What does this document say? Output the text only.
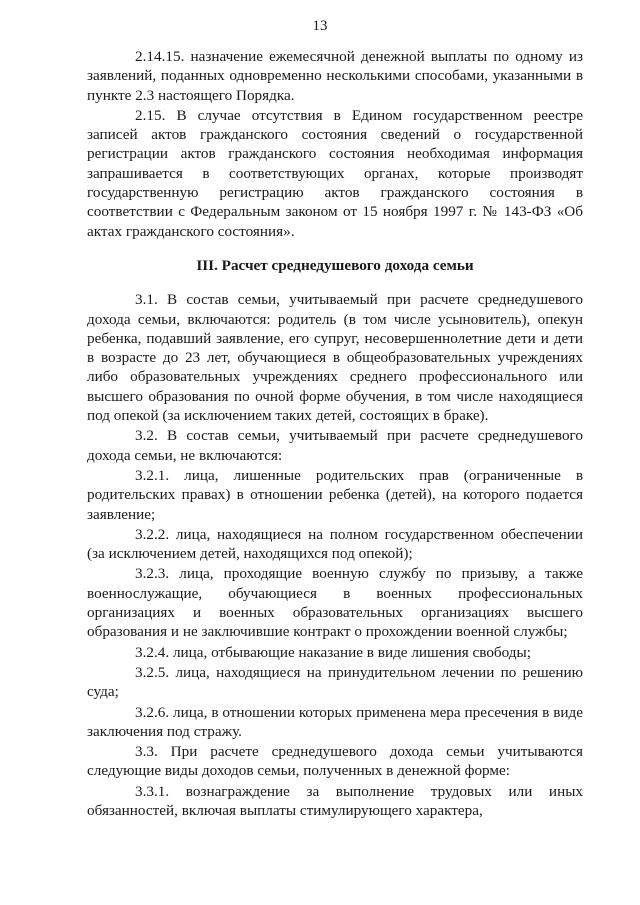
13

2.14.15. назначение ежемесячной денежной выплаты по одному из заявлений, поданных одновременно несколькими способами, указанными в пункте 2.3 настоящего Порядка.

2.15. В случае отсутствия в Едином государственном реестре записей актов гражданского состояния сведений о государственной регистрации актов гражданского состояния необходимая информация запрашивается в соответствующих органах, которые производят государственную регистрацию актов гражданского состояния в соответствии с Федеральным законом от 15 ноября 1997 г. № 143-ФЗ «Об актах гражданского состояния».

III. Расчет среднедушевого дохода семьи

3.1. В состав семьи, учитываемый при расчете среднедушевого дохода семьи, включаются: родитель (в том числе усыновитель), опекун ребенка, подавший заявление, его супруг, несовершеннолетние дети и дети в возрасте до 23 лет, обучающиеся в общеобразовательных учреждениях либо образовательных учреждениях среднего профессионального или высшего образования по очной форме обучения, в том числе находящиеся под опекой (за исключением таких детей, состоящих в браке).

3.2. В состав семьи, учитываемый при расчете среднедушевого дохода семьи, не включаются:

3.2.1. лица, лишенные родительских прав (ограниченные в родительских правах) в отношении ребенка (детей), на которого подается заявление;

3.2.2. лица, находящиеся на полном государственном обеспечении (за исключением детей, находящихся под опекой);

3.2.3. лица, проходящие военную службу по призыву, а также военнослужащие, обучающиеся в военных профессиональных организациях и военных образовательных организациях высшего образования и не заключившие контракт о прохождении военной службы;

3.2.4. лица, отбывающие наказание в виде лишения свободы;

3.2.5. лица, находящиеся на принудительном лечении по решению суда;

3.2.6. лица, в отношении которых применена мера пресечения в виде заключения под стражу.

3.3. При расчете среднедушевого дохода семьи учитываются следующие виды доходов семьи, полученных в денежной форме:

3.3.1. вознаграждение за выполнение трудовых или иных обязанностей, включая выплаты стимулирующего характера,
